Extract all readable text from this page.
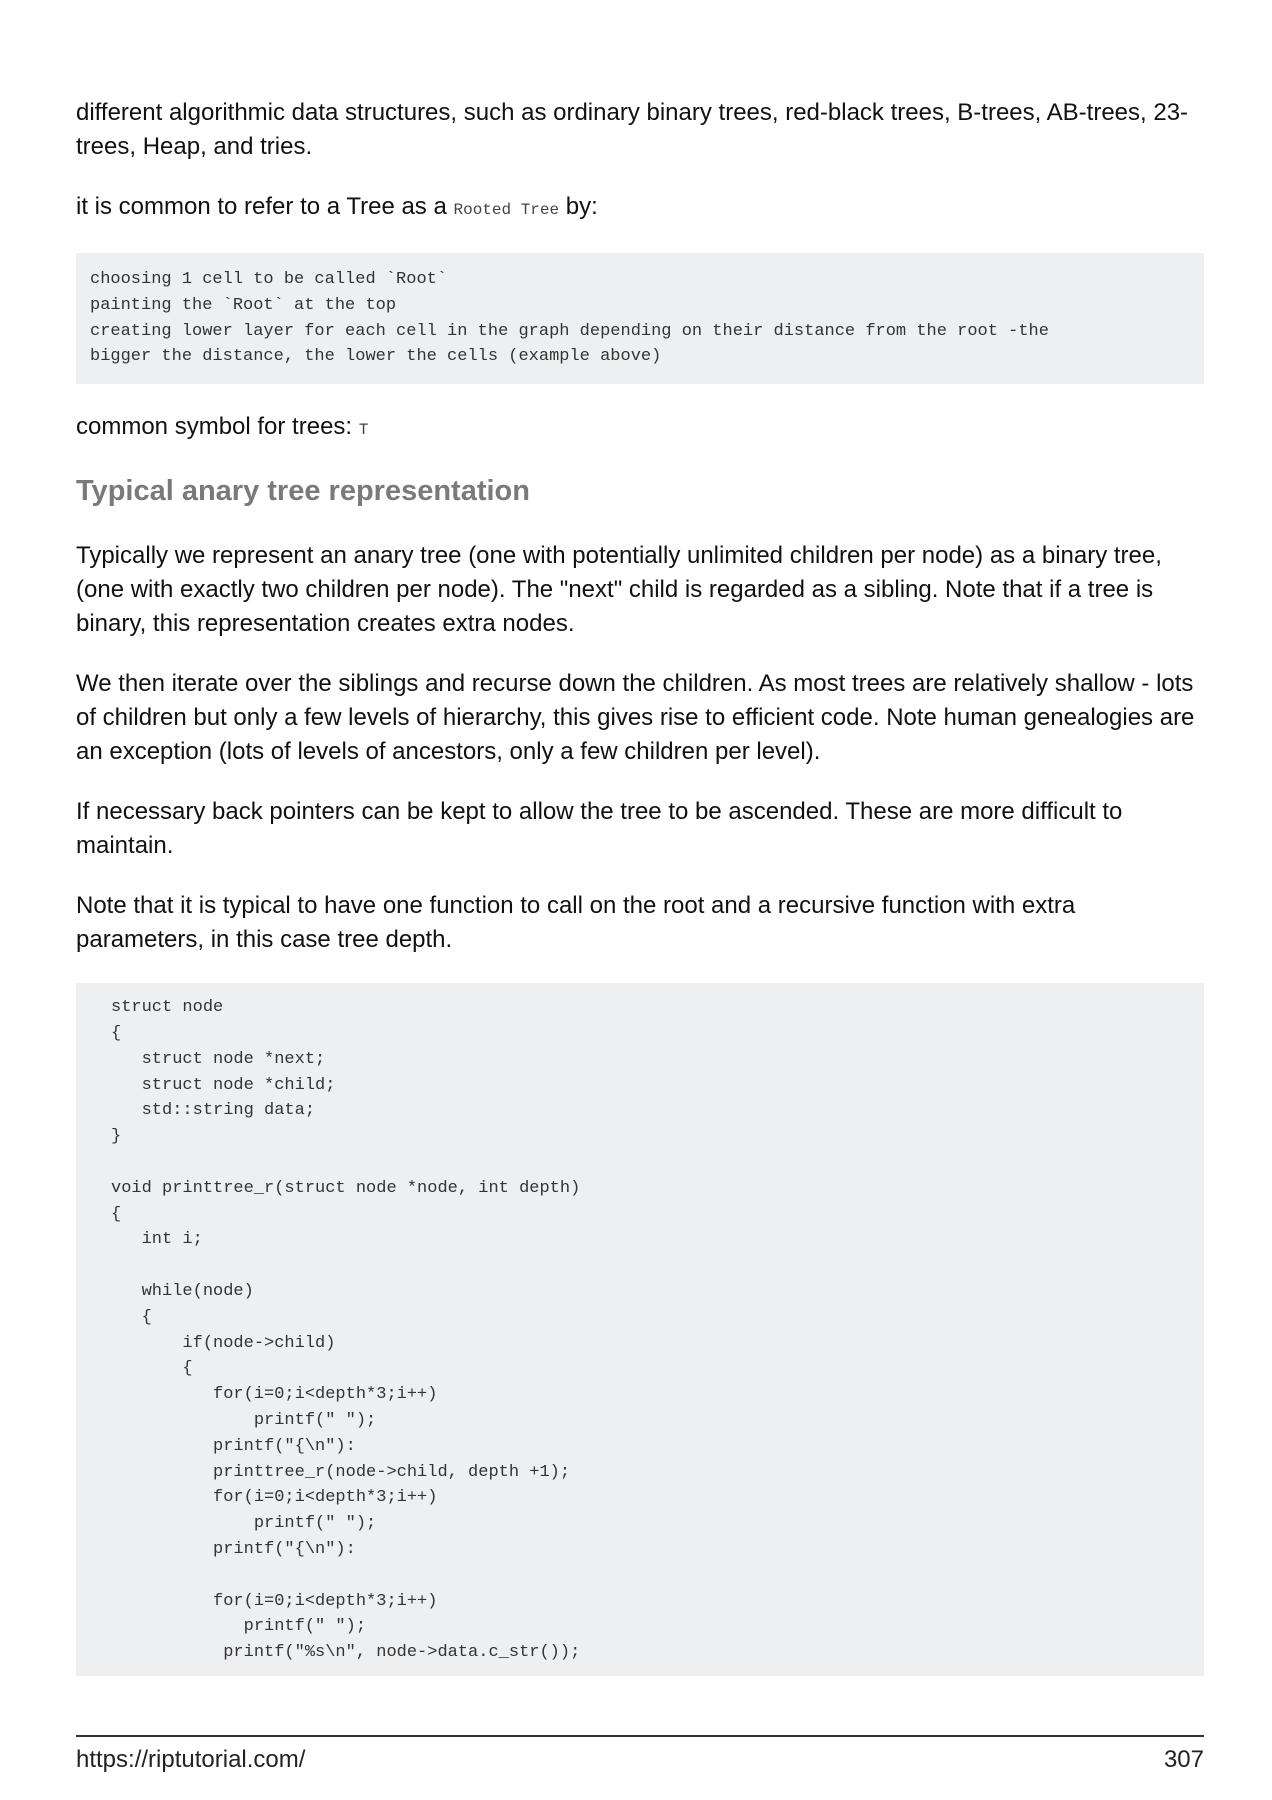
different algorithmic data structures, such as ordinary binary trees, red-black trees, B-trees, AB-trees, 23-trees, Heap, and tries.

it is common to refer to a Tree as a Rooted Tree by:

choosing 1 cell to be called `Root`
painting the `Root` at the top
creating lower layer for each cell in the graph depending on their distance from the root -the
bigger the distance, the lower the cells (example above)

common symbol for trees: T

Typical anary tree representation

Typically we represent an anary tree (one with potentially unlimited children per node) as a binary tree, (one with exactly two children per node). The "next" child is regarded as a sibling. Note that if a tree is binary, this representation creates extra nodes.

We then iterate over the siblings and recurse down the children. As most trees are relatively shallow - lots of children but only a few levels of hierarchy, this gives rise to efficient code. Note human genealogies are an exception (lots of levels of ancestors, only a few children per level).

If necessary back pointers can be kept to allow the tree to be ascended. These are more difficult to maintain.

Note that it is typical to have one function to call on the root and a recursive function with extra parameters, in this case tree depth.

struct node
{
struct node *next;
struct node *child;
std::string data;
}
void printtree_r(struct node *node, int depth)
{
int i;
while(node)
{
if(node->child)
{
for(i=0;i<depth*3;i++)
printf(" ");
printf("{\n"):
printtree_r(node->child, depth +1);
for(i=0;i<depth*3;i++)
printf(" ");
printf("{\n"):
for(i=0;i<depth*3;i++)
printf(" ");
printf("%s\n", node->data.c_str());
https://riptutorial.com/	307
